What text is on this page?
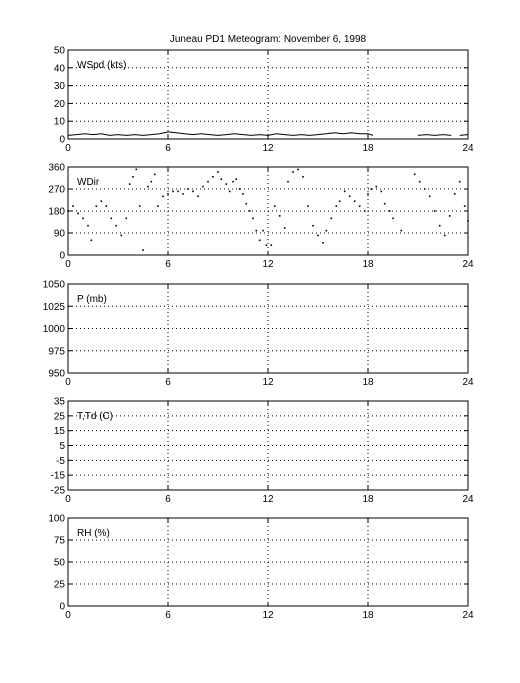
Juneau PD1 Meteogram: November 6, 1998
0	6	12	18	24
0
10
20
30
40
50
WSpd (kts)
0	6	12	18	24
0
90
180
270
360
WDir
0	6	12	18	24
950
975
1000
1025
1050
P (mb)
0	6	12	18	24
-25
-15
-5
5
15
25
35
T,Td (C)
0	6	12	18	24
0
25
50
75
100
RH (%)
